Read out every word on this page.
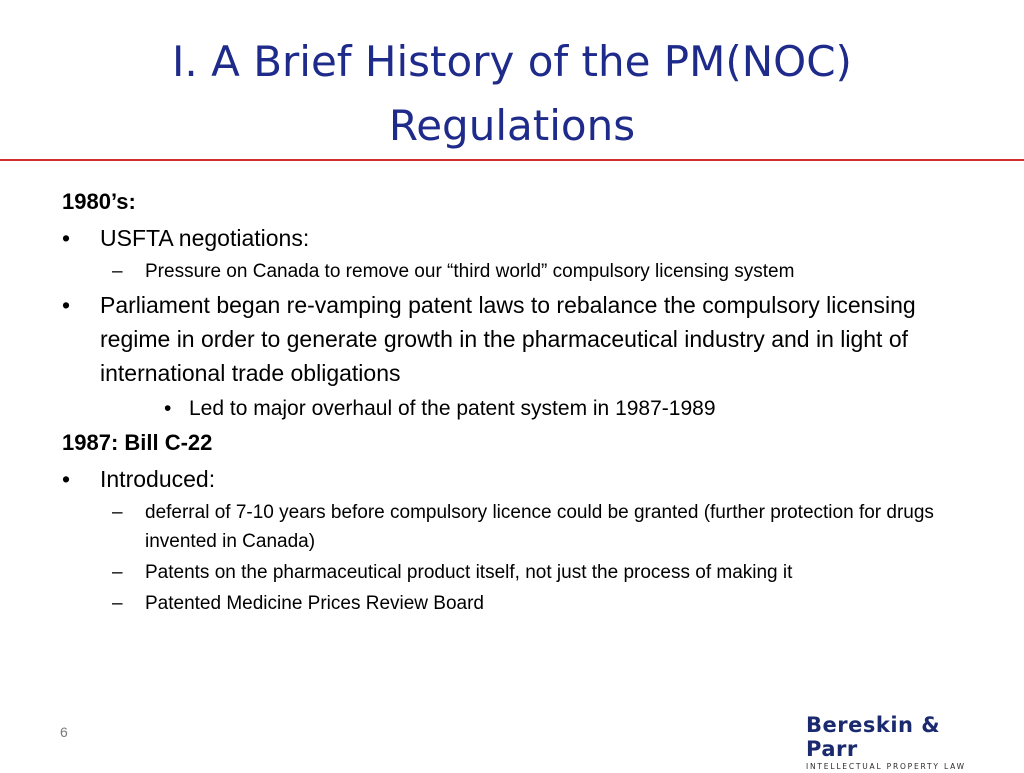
I. A Brief History of the PM(NOC)
Regulations
1980’s:
•	USFTA negotiations:
– Pressure on Canada to remove our “third world” compulsory licensing system
•	Parliament began re-vamping patent laws to rebalance the compulsory licensing regime in order to generate growth in the pharmaceutical industry and in light of international trade obligations
• Led to major overhaul of the patent system in 1987-1989
1987: Bill C-22
•	Introduced:
– deferral of 7-10 years before compulsory licence could be granted (further protection for drugs invented in Canada)
– Patents on the pharmaceutical product itself, not just the process of making it
– Patented Medicine Prices Review Board
6	Bereskin & Parr
INTELLECTUAL PROPERTY LAW
